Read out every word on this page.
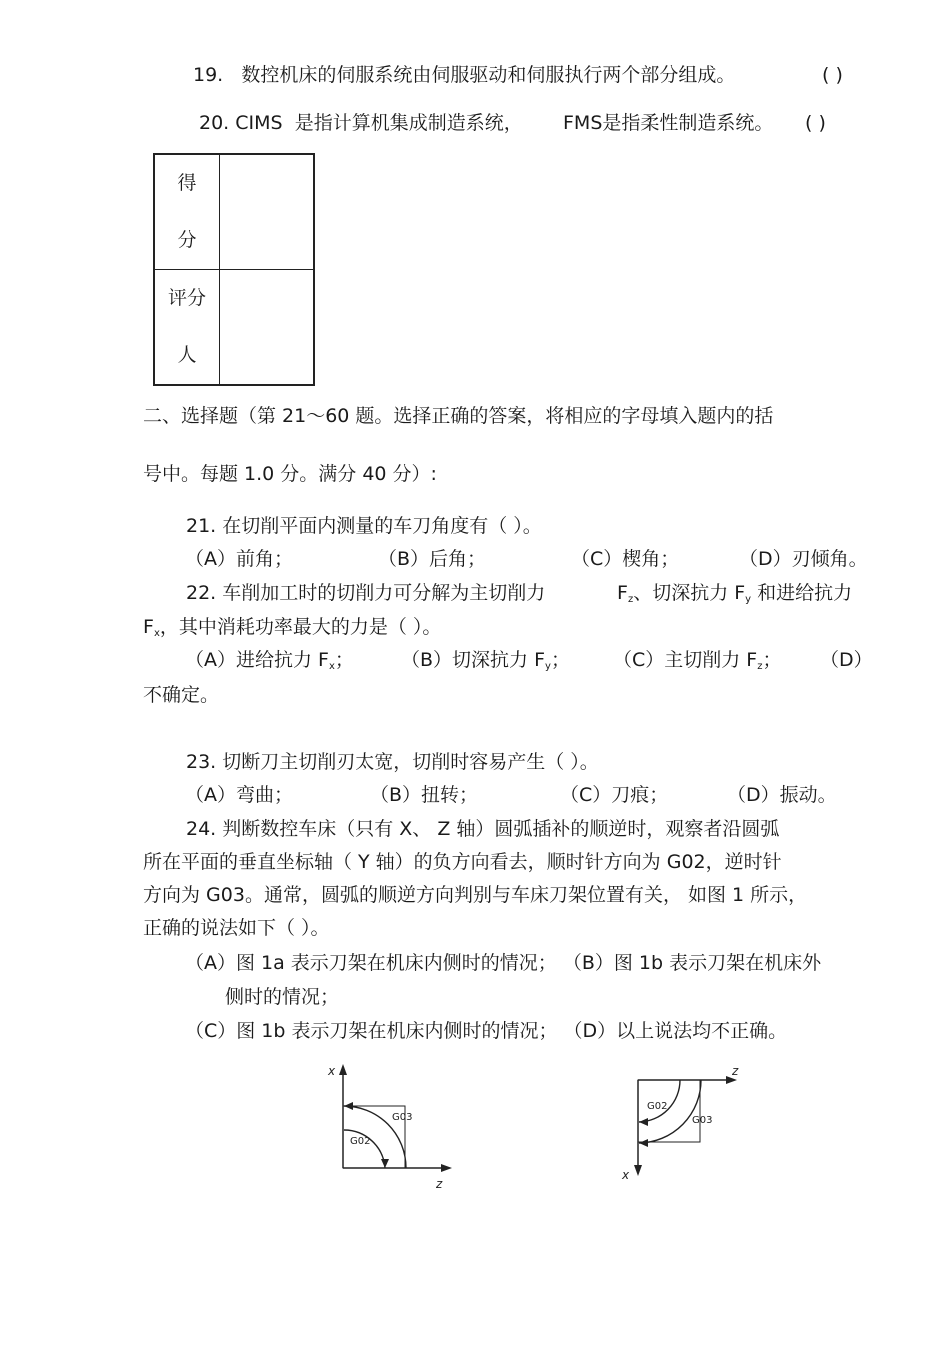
19. 数控机床的伺服系统由伺服驱动和伺服执行两个部分组成。	( )
20. CIMS 是指计算机集成制造系统， FMS是指柔性制造系统。 ( )
得
分	

评分
人	

二、选择题（第 21～60 题。选择正确的答案，将相应的字母填入题内的括
号中。每题 1.0 分。满分 40 分）:
21. 在切削平面内测量的车刀角度有（ ）。
（A）前角；	（B）后角；	（C）楔角；	（D）刃倾角。
22. 车削加工时的切削力可分解为主切削力	$F_z$、切深抗力 $F_y$ 和进给抗力
$F_x$，其中消耗功率最大的力是（ ）。
（A）进给抗力 $F_x$； （B）切深抗力 $F_y$； （C）主切削力 $F_z$； （D）
不确定。
23. 切断刀主切削刃太宽，切削时容易产生（ ）。
（A）弯曲；	（B）扭转；	（C）刀痕；	（D）振动。
24. 判断数控车床（只有 X、 Z 轴）圆弧插补的顺逆时，观察者沿圆弧
所在平面的垂直坐标轴（ Y 轴）的负方向看去，顺时针方向为 G02，逆时针
方向为 G03。通常，圆弧的顺逆方向判别与车床刀架位置有关， 如图 1 所示，
正确的说法如下（ ）。
（A）图 1a 表示刀架在机床内侧时的情况； （B）图 1b 表示刀架在机床外
侧时的情况；
（C）图 1b 表示刀架在机床内侧时的情况； （D）以上说法均不正确。
x
z
G03
G02
z
x
G02
G03
